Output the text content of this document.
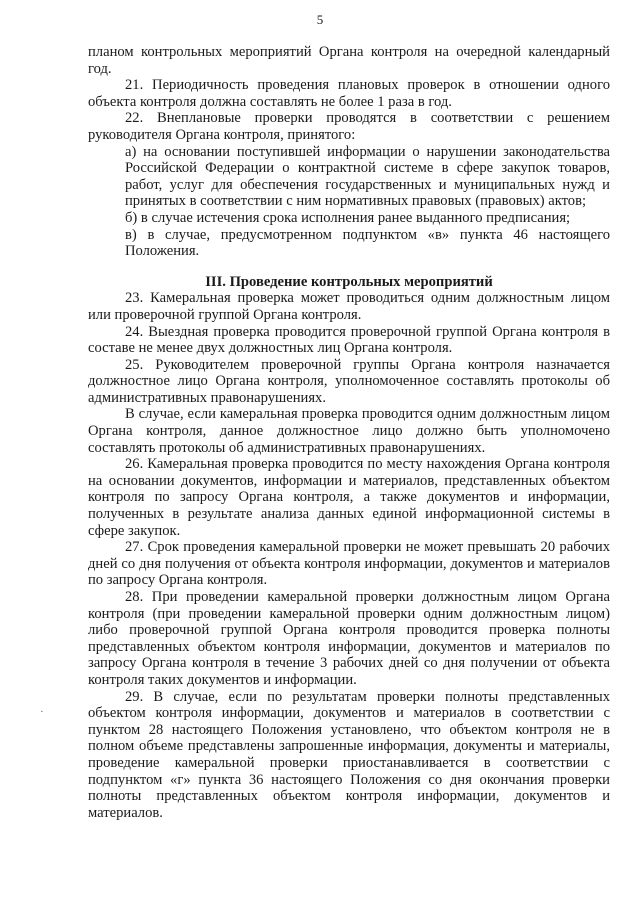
5

планом контрольных мероприятий Органа контроля на очередной календарный год.

21. Периодичность проведения плановых проверок в отношении одного объекта контроля должна составлять не более 1 раза в год.

22. Внеплановые проверки проводятся в соответствии с решением руководителя Органа контроля, принятого:

а) на основании поступившей информации о нарушении законодательства Российской Федерации о контрактной системе в сфере закупок товаров, работ, услуг для обеспечения государственных и муниципальных нужд и принятых в соответствии с ним нормативных правовых (правовых) актов;

б) в случае истечения срока исполнения ранее выданного предписания;

в) в случае, предусмотренном подпунктом «в» пункта 46 настоящего Положения.

III. Проведение контрольных мероприятий

23. Камеральная проверка может проводиться одним должностным лицом или проверочной группой Органа контроля.

24. Выездная проверка проводится проверочной группой Органа контроля в составе не менее двух должностных лиц Органа контроля.

25. Руководителем проверочной группы Органа контроля назначается должностное лицо Органа контроля, уполномоченное составлять протоколы об административных правонарушениях.

В случае, если камеральная проверка проводится одним должностным лицом Органа контроля, данное должностное лицо должно быть уполномочено составлять протоколы об административных правонарушениях.

26. Камеральная проверка проводится по месту нахождения Органа контроля на основании документов, информации и материалов, представленных объектом контроля по запросу Органа контроля, а также документов и информации, полученных в результате анализа данных единой информационной системы в сфере закупок.

27. Срок проведения камеральной проверки не может превышать 20 рабочих дней со дня получения от объекта контроля информации, документов и материалов по запросу Органа контроля.

28. При проведении камеральной проверки должностным лицом Органа контроля (при проведении камеральной проверки одним должностным лицом) либо проверочной группой Органа контроля проводится проверка полноты представленных объектом контроля информации, документов и материалов по запросу Органа контроля в течение 3 рабочих дней со дня получении от объекта контроля таких документов и информации.

29. В случае, если по результатам проверки полноты представленных объектом контроля информации, документов и материалов в соответствии с пунктом 28 настоящего Положения установлено, что объектом контроля не в полном объеме представлены запрошенные информация, документы и материалы, проведение камеральной проверки приостанавливается в соответствии с подпунктом «г» пункта 36 настоящего Положения со дня окончания проверки полноты представленных объектом контроля информации, документов и материалов.

·
